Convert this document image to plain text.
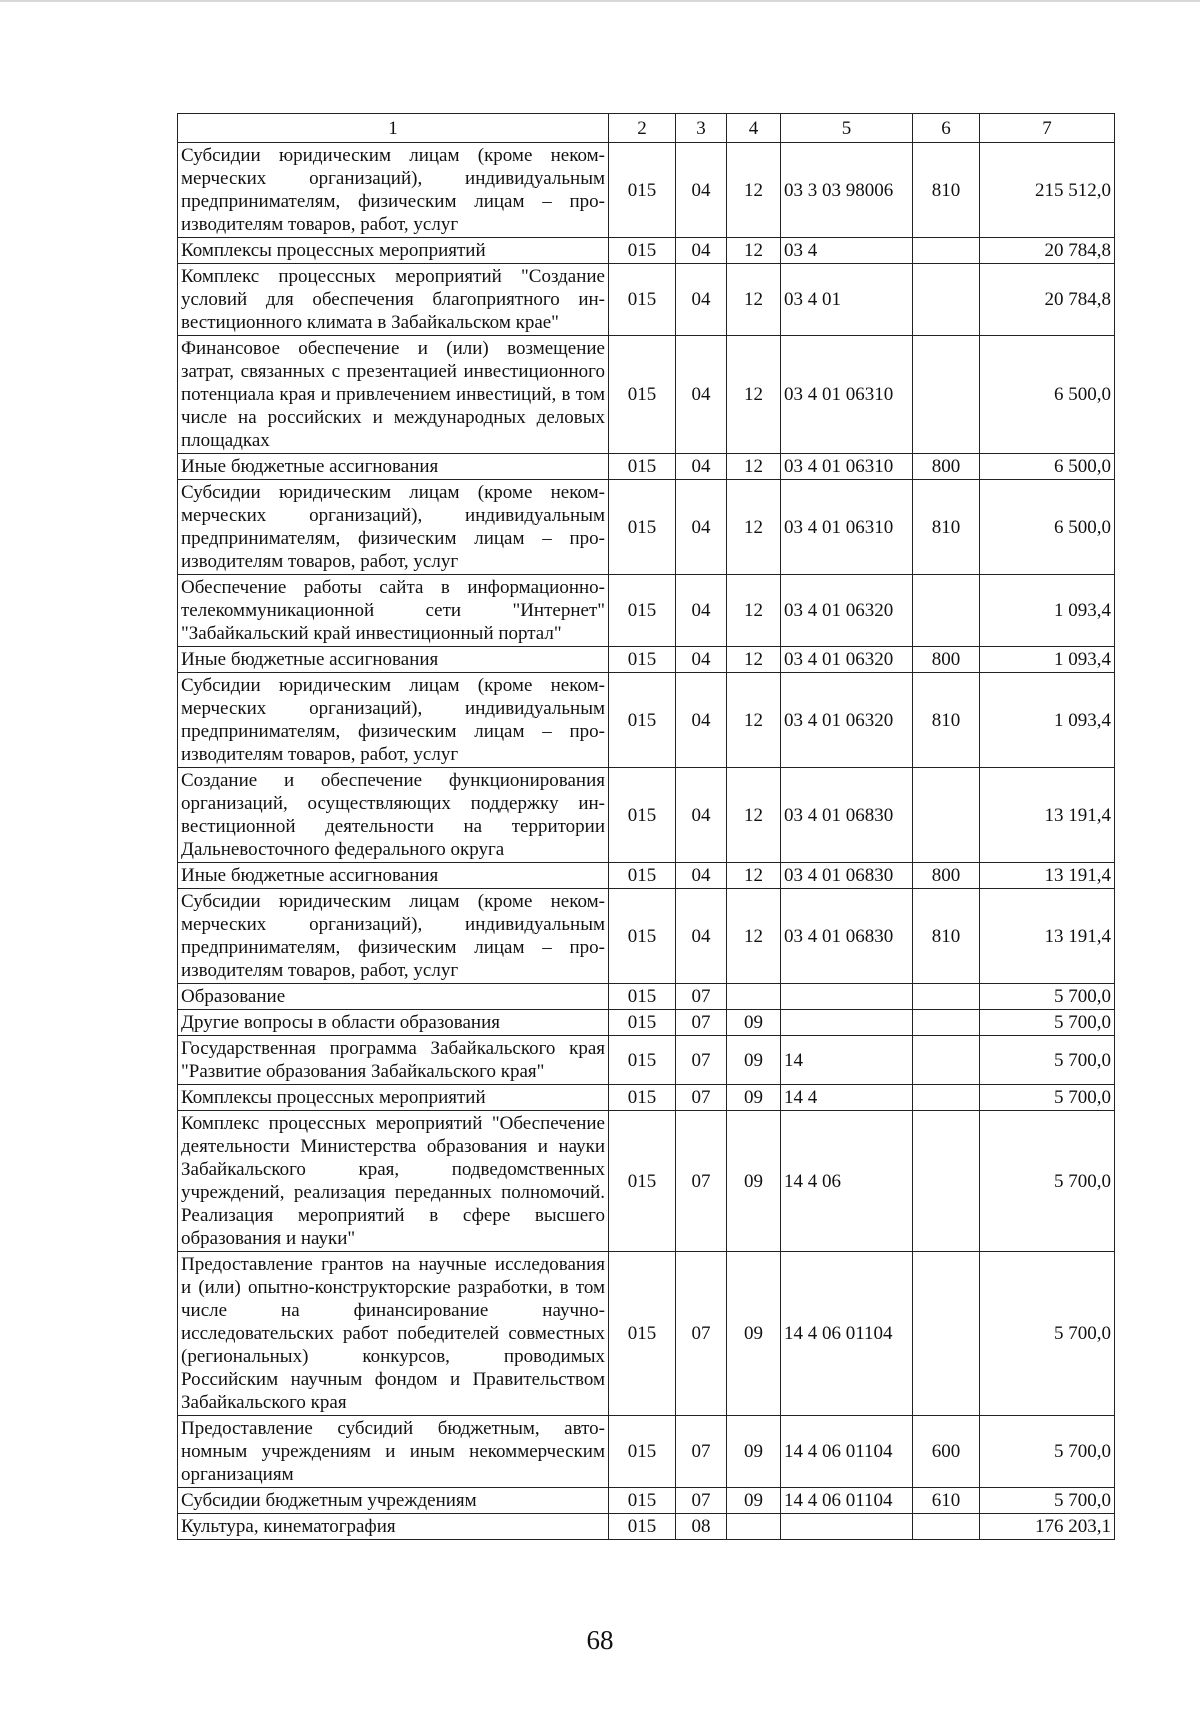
1	2	3	4	5	6	7
Субсидии юридическим лицам (кроме некоммерческих организаций), индивидуальным предпринимателям, физическим лицам – производителям товаров, работ, услуг	015	04	12	03 3 03 98006	810	215 512,0
Комплексы процессных мероприятий	015	04	12	03 4		20 784,8
Комплекс процессных мероприятий "Создание условий для обеспечения благоприятного инвестиционного климата в Забайкальском крае"	015	04	12	03 4 01		20 784,8
Финансовое обеспечение и (или) возмещение затрат, связанных с презентацией инвестиционного потенциала края и привлечением инвестиций, в том числе на российских и международных деловых площадках	015	04	12	03 4 01 06310		6 500,0
Иные бюджетные ассигнования	015	04	12	03 4 01 06310	800	6 500,0
Субсидии юридическим лицам (кроме некоммерческих организаций), индивидуальным предпринимателям, физическим лицам – производителям товаров, работ, услуг	015	04	12	03 4 01 06310	810	6 500,0
Обеспечение работы сайта в информационно-телекоммуникационной сети "Интернет" "Забайкальский край инвестиционный портал"	015	04	12	03 4 01 06320		1 093,4
Иные бюджетные ассигнования	015	04	12	03 4 01 06320	800	1 093,4
Субсидии юридическим лицам (кроме некоммерческих организаций), индивидуальным предпринимателям, физическим лицам – производителям товаров, работ, услуг	015	04	12	03 4 01 06320	810	1 093,4
Создание и обеспечение функционирования организаций, осуществляющих поддержку инвестиционной деятельности на территории Дальневосточного федерального округа	015	04	12	03 4 01 06830		13 191,4
Иные бюджетные ассигнования	015	04	12	03 4 01 06830	800	13 191,4
Субсидии юридическим лицам (кроме некоммерческих организаций), индивидуальным предпринимателям, физическим лицам – производителям товаров, работ, услуг	015	04	12	03 4 01 06830	810	13 191,4
Образование	015	07				5 700,0
Другие вопросы в области образования	015	07	09			5 700,0
Государственная программа Забайкальского края "Развитие образования Забайкальского края"	015	07	09	14		5 700,0
Комплексы процессных мероприятий	015	07	09	14 4		5 700,0
Комплекс процессных мероприятий "Обеспечение деятельности Министерства образования и науки Забайкальского края, подведомственных учреждений, реализация переданных полномочий. Реализация мероприятий в сфере высшего образования и науки"	015	07	09	14 4 06		5 700,0
Предоставление грантов на научные исследования и (или) опытно-конструкторские разработки, в том числе на финансирование научно-исследовательских работ победителей совместных (региональных) конкурсов, проводимых Российским научным фондом и Правительством Забайкальского края	015	07	09	14 4 06 01104		5 700,0
Предоставление субсидий бюджетным, автономным учреждениям и иным некоммерческим организациям	015	07	09	14 4 06 01104	600	5 700,0
Субсидии бюджетным учреждениям	015	07	09	14 4 06 01104	610	5 700,0
Культура, кинематография	015	08				176 203,1
68
